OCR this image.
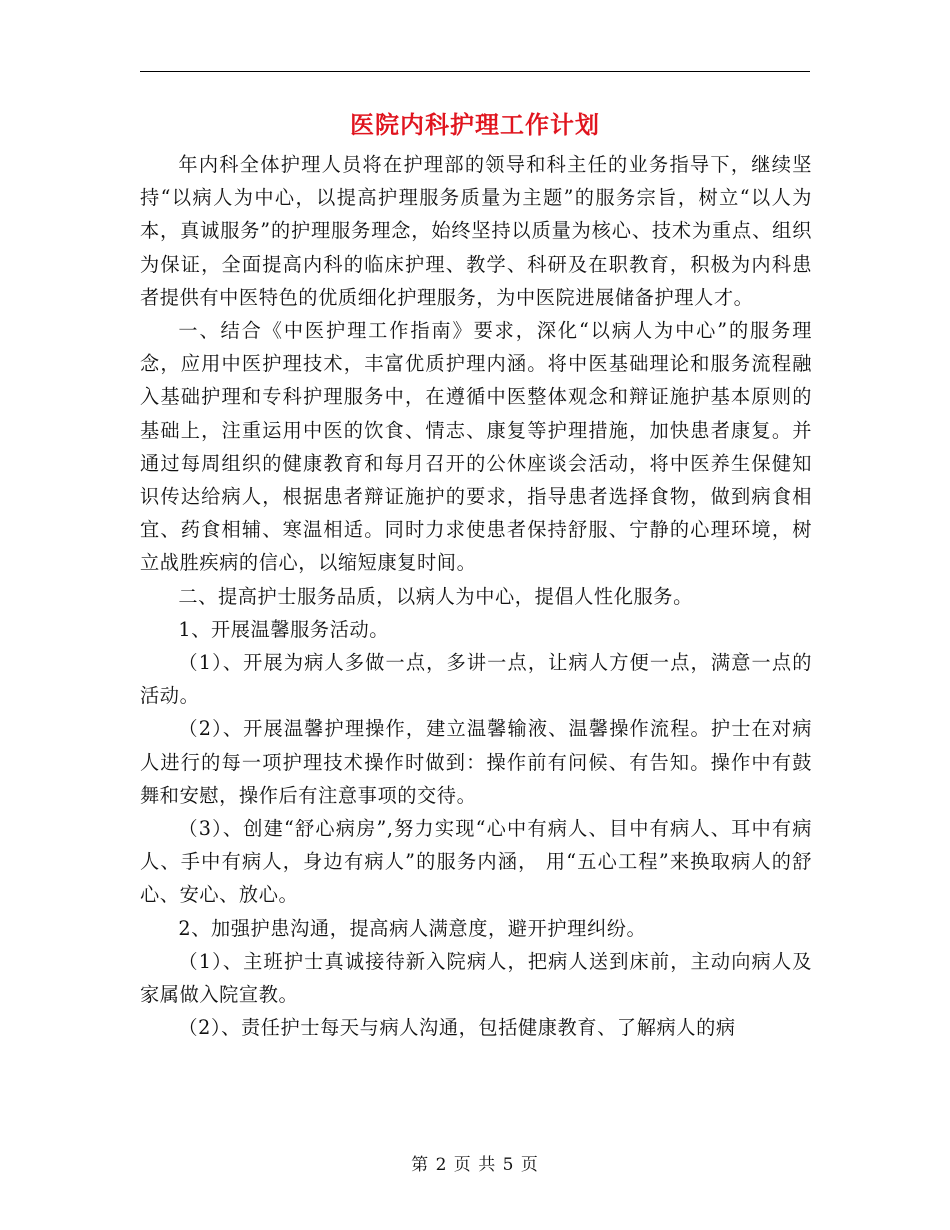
医院内科护理工作计划

年内科全体护理人员将在护理部的领导和科主任的业务指导下，继续坚持“以病人为中心，以提高护理服务质量为主题”的服务宗旨，树立“以人为本，真诚服务”的护理服务理念，始终坚持以质量为核心、技术为重点、组织为保证，全面提高内科的临床护理、教学、科研及在职教育，积极为内科患者提供有中医特色的优质细化护理服务，为中医院进展储备护理人才。

一、结合《中医护理工作指南》要求，深化“以病人为中心”的服务理念，应用中医护理技术，丰富优质护理内涵。将中医基础理论和服务流程融入基础护理和专科护理服务中，在遵循中医整体观念和辩证施护基本原则的基础上，注重运用中医的饮食、情志、康复等护理措施，加快患者康复。并通过每周组织的健康教育和每月召开的公休座谈会活动，将中医养生保健知识传达给病人，根据患者辩证施护的要求，指导患者选择食物，做到病食相宜、药食相辅、寒温相适。同时力求使患者保持舒服、宁静的心理环境，树立战胜疾病的信心，以缩短康复时间。

二、提高护士服务品质，以病人为中心，提倡人性化服务。

1、开展温馨服务活动。

（1）、开展为病人多做一点，多讲一点，让病人方便一点，满意一点的活动。

（2）、开展温馨护理操作，建立温馨输液、温馨操作流程。护士在对病人进行的每一项护理技术操作时做到：操作前有问候、有告知。操作中有鼓舞和安慰，操作后有注意事项的交待。

（3）、创建“舒心病房”,努力实现“心中有病人、目中有病人、耳中有病人、手中有病人，身边有病人”的服务内涵， 用“五心工程”来换取病人的舒心、安心、放心。

2、加强护患沟通，提高病人满意度，避开护理纠纷。

（1）、主班护士真诚接待新入院病人，把病人送到床前，主动向病人及家属做入院宣教。

（2）、责任护士每天与病人沟通，包括健康教育、了解病人的病

第 2 页 共 5 页
